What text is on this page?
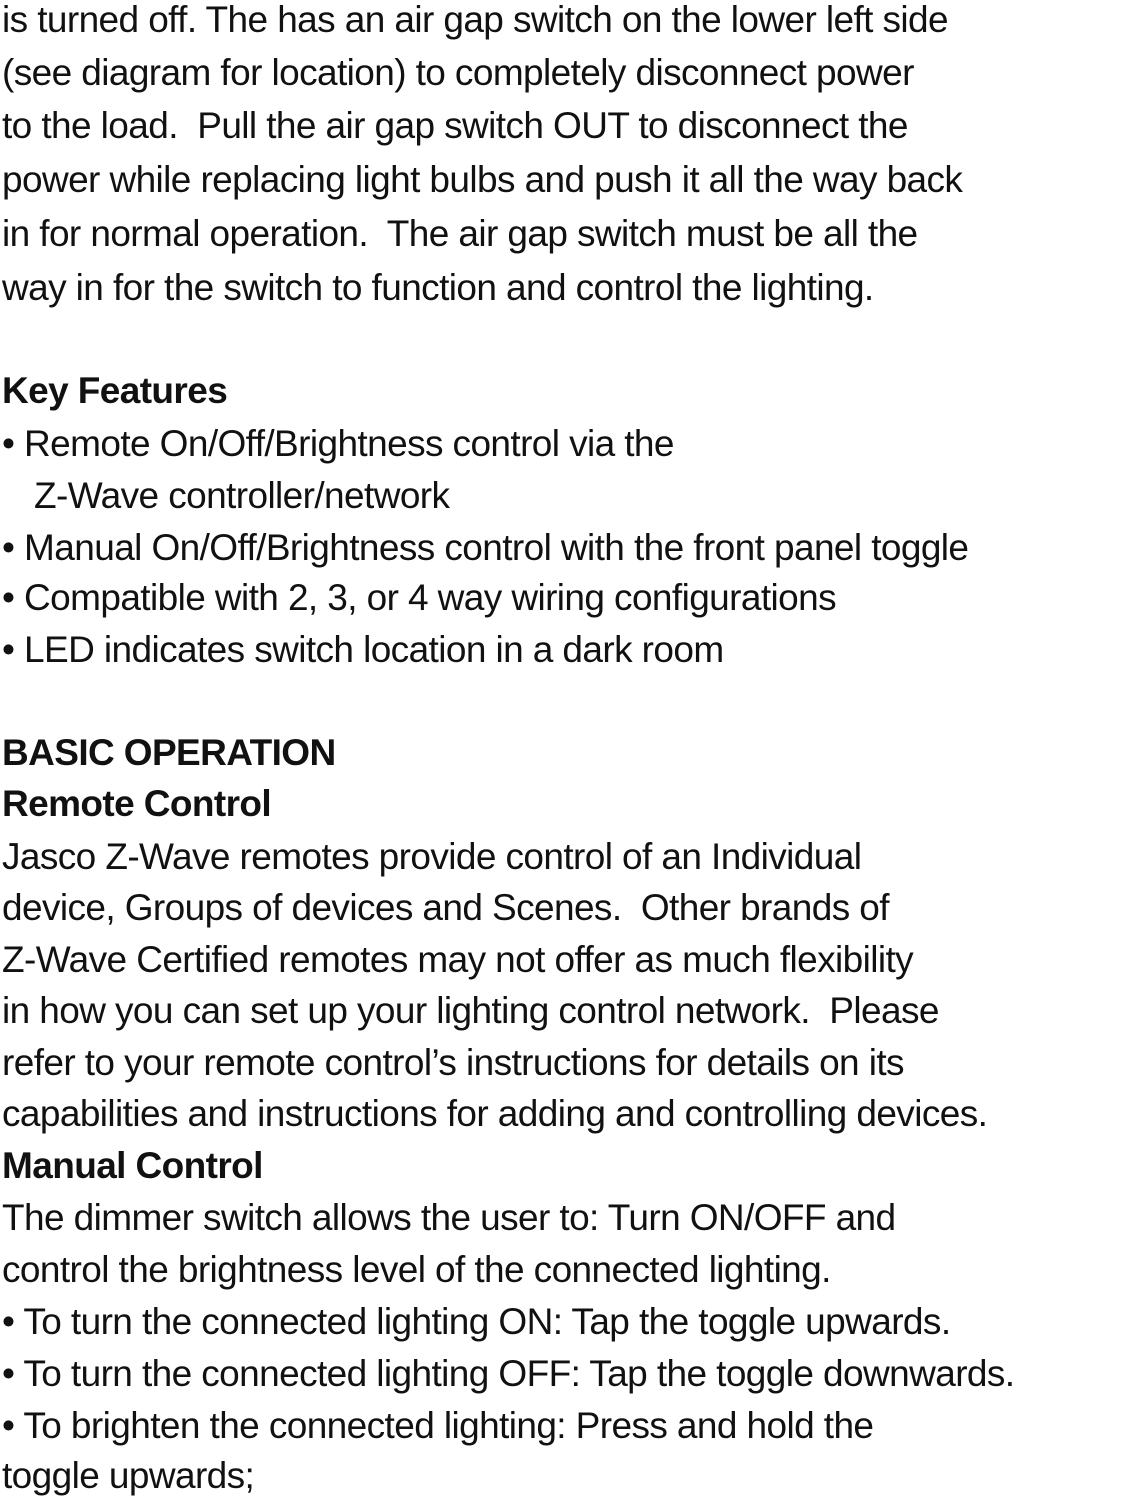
is turned off. The has an air gap switch on the lower left side
(see diagram for location) to completely disconnect power
to the load.  Pull the air gap switch OUT to disconnect the
power while replacing light bulbs and push it all the way back
in for normal operation.  The air gap switch must be all the
way in for the switch to function and control the lighting.
Key Features
• Remote On/Off/Brightness control via the
Z-Wave controller/network
• Manual On/Off/Brightness control with the front panel toggle
• Compatible with 2, 3, or 4 way wiring configurations
• LED indicates switch location in a dark room
BASIC OPERATION
Remote Control
Jasco Z-Wave remotes provide control of an Individual
device, Groups of devices and Scenes.  Other brands of
Z-Wave Certified remotes may not offer as much flexibility
in how you can set up your lighting control network.  Please
refer to your remote control’s instructions for details on its
capabilities and instructions for adding and controlling devices.
Manual Control
The dimmer switch allows the user to: Turn ON/OFF and
control the brightness level of the connected lighting.
• To turn the connected lighting ON: Tap the toggle upwards.
• To turn the connected lighting OFF: Tap the toggle downwards.
• To brighten the connected lighting: Press and hold the
toggle upwards;
